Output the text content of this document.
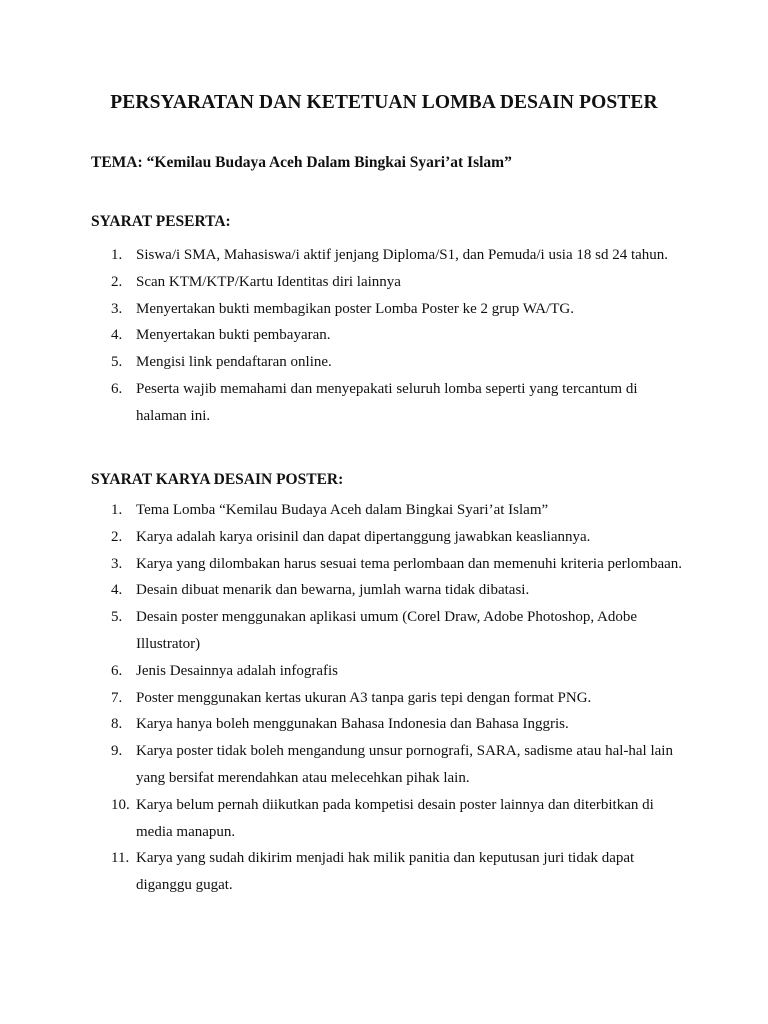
PERSYARATAN DAN KETETUAN LOMBA DESAIN POSTER
TEMA: “Kemilau Budaya Aceh Dalam Bingkai Syari’at Islam”
SYARAT PESERTA:
1. Siswa/i SMA, Mahasiswa/i aktif jenjang Diploma/S1, dan Pemuda/i usia 18 sd 24 tahun.
2. Scan KTM/KTP/Kartu Identitas diri lainnya
3. Menyertakan bukti membagikan poster Lomba Poster ke 2 grup WA/TG.
4. Menyertakan bukti pembayaran.
5. Mengisi link pendaftaran online.
6. Peserta wajib memahami dan menyepakati seluruh lomba seperti yang tercantum di halaman ini.
SYARAT KARYA DESAIN POSTER:
1. Tema Lomba “Kemilau Budaya Aceh dalam Bingkai Syari’at Islam”
2. Karya adalah karya orisinil dan dapat dipertanggung jawabkan keasliannya.
3. Karya yang dilombakan harus sesuai tema perlombaan dan memenuhi kriteria perlombaan.
4. Desain dibuat menarik dan bewarna, jumlah warna tidak dibatasi.
5. Desain poster menggunakan aplikasi umum (Corel Draw, Adobe Photoshop, Adobe Illustrator)
6. Jenis Desainnya adalah infografis
7. Poster menggunakan kertas ukuran A3 tanpa garis tepi dengan format PNG.
8. Karya hanya boleh menggunakan Bahasa Indonesia dan Bahasa Inggris.
9. Karya poster tidak boleh mengandung unsur pornografi, SARA, sadisme atau hal-hal lain yang bersifat merendahkan atau melecehkan pihak lain.
10. Karya belum pernah diikutkan pada kompetisi desain poster lainnya dan diterbitkan di media manapun.
11. Karya yang sudah dikirim menjadi hak milik panitia dan keputusan juri tidak dapat diganggu gugat.
